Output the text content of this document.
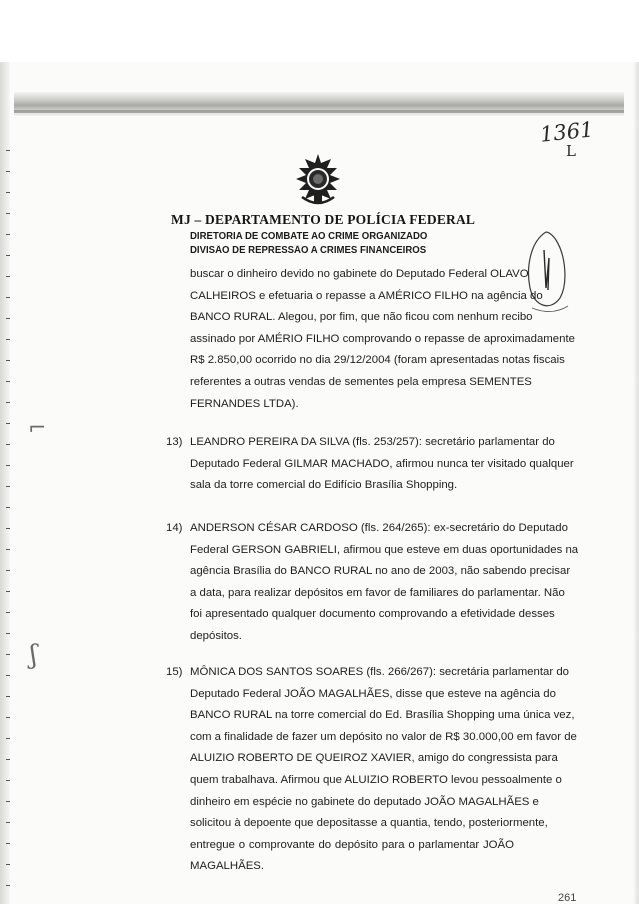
1361
L
MJ – DEPARTAMENTO DE POLÍCIA FEDERAL
DIRETORIA DE COMBATE AO CRIME ORGANIZADO
DIVISÃO DE REPRESSÃO A CRIMES FINANCEIROS
buscar o dinheiro devido no gabinete do Deputado Federal OLAVO
CALHEIROS e efetuaria o repasse a AMÉRICO FILHO na agência do
BANCO RURAL. Alegou, por fim, que não ficou com nenhum recibo
assinado por AMÉRIO FILHO comprovando o repasse de aproximadamente
R$ 2.850,00 ocorrido no dia 29/12/2004 (foram apresentadas notas fiscais
referentes a outras vendas de sementes pela empresa SEMENTES
FERNANDES LTDA).
13) LEANDRO PEREIRA DA SILVA (fls. 253/257): secretário parlamentar do
Deputado Federal GILMAR MACHADO, afirmou nunca ter visitado qualquer
sala da torre comercial do Edifício Brasília Shopping.
14) ANDERSON CÉSAR CARDOSO (fls. 264/265): ex-secretário do Deputado
Federal GERSON GABRIELI, afirmou que esteve em duas oportunidades na
agência Brasília do BANCO RURAL no ano de 2003, não sabendo precisar
a data, para realizar depósitos em favor de familiares do parlamentar. Não
foi apresentado qualquer documento comprovando a efetividade desses
depósitos.
15) MÔNICA DOS SANTOS SOARES (fls. 266/267): secretária parlamentar do
Deputado Federal JOÃO MAGALHÃES, disse que esteve na agência do
BANCO RURAL na torre comercial do Ed. Brasília Shopping uma única vez,
com a finalidade de fazer um depósito no valor de R$ 30.000,00 em favor de
ALUIZIO ROBERTO DE QUEIROZ XAVIER, amigo do congressista para
quem trabalhava. Afirmou que ALUIZIO ROBERTO levou pessoalmente o
dinheiro em espécie no gabinete do deputado JOÃO MAGALHÃES e
solicitou à depoente que depositasse a quantia, tendo, posteriormente,
entregue o comprovante do depósito para o parlamentar JOÃO
MAGALHÃES.
⌐
ʃ
261
